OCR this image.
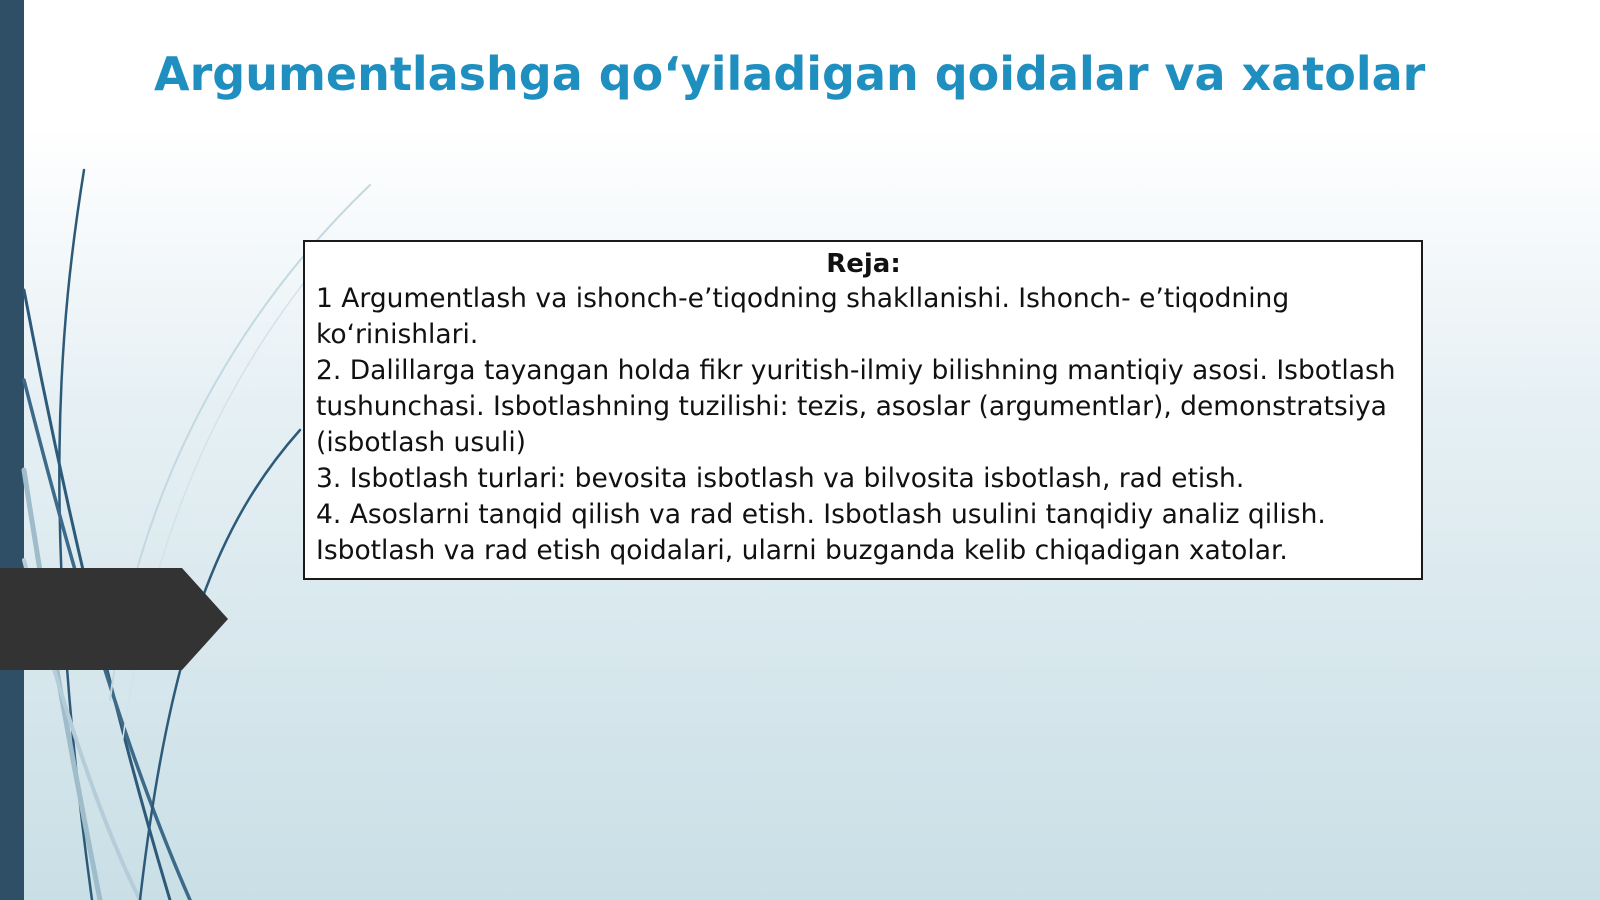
Argumentlashga qoʻyiladigan qoidalar va xatolar

Reja:

1 Argumentlash va ishonch-e’tiqodning shakllanishi. Ishonch- e’tiqodning koʻrinishlari.
2. Dalillarga tayangan holda fikr yuritish-ilmiy bilishning mantiqiy asosi. Isbotlash tushunchasi. Isbotlashning tuzilishi: tezis, asoslar (argumentlar), demonstratsiya (isbotlash usuli)
3. Isbotlash turlari: bevosita isbotlash va bilvosita isbotlash, rad etish.
4. Asoslarni tanqid qilish va rad etish. Isbotlash usulini tanqidiy analiz qilish. Isbotlash va rad etish qoidalari, ularni buzganda kelib chiqadigan xatolar.
